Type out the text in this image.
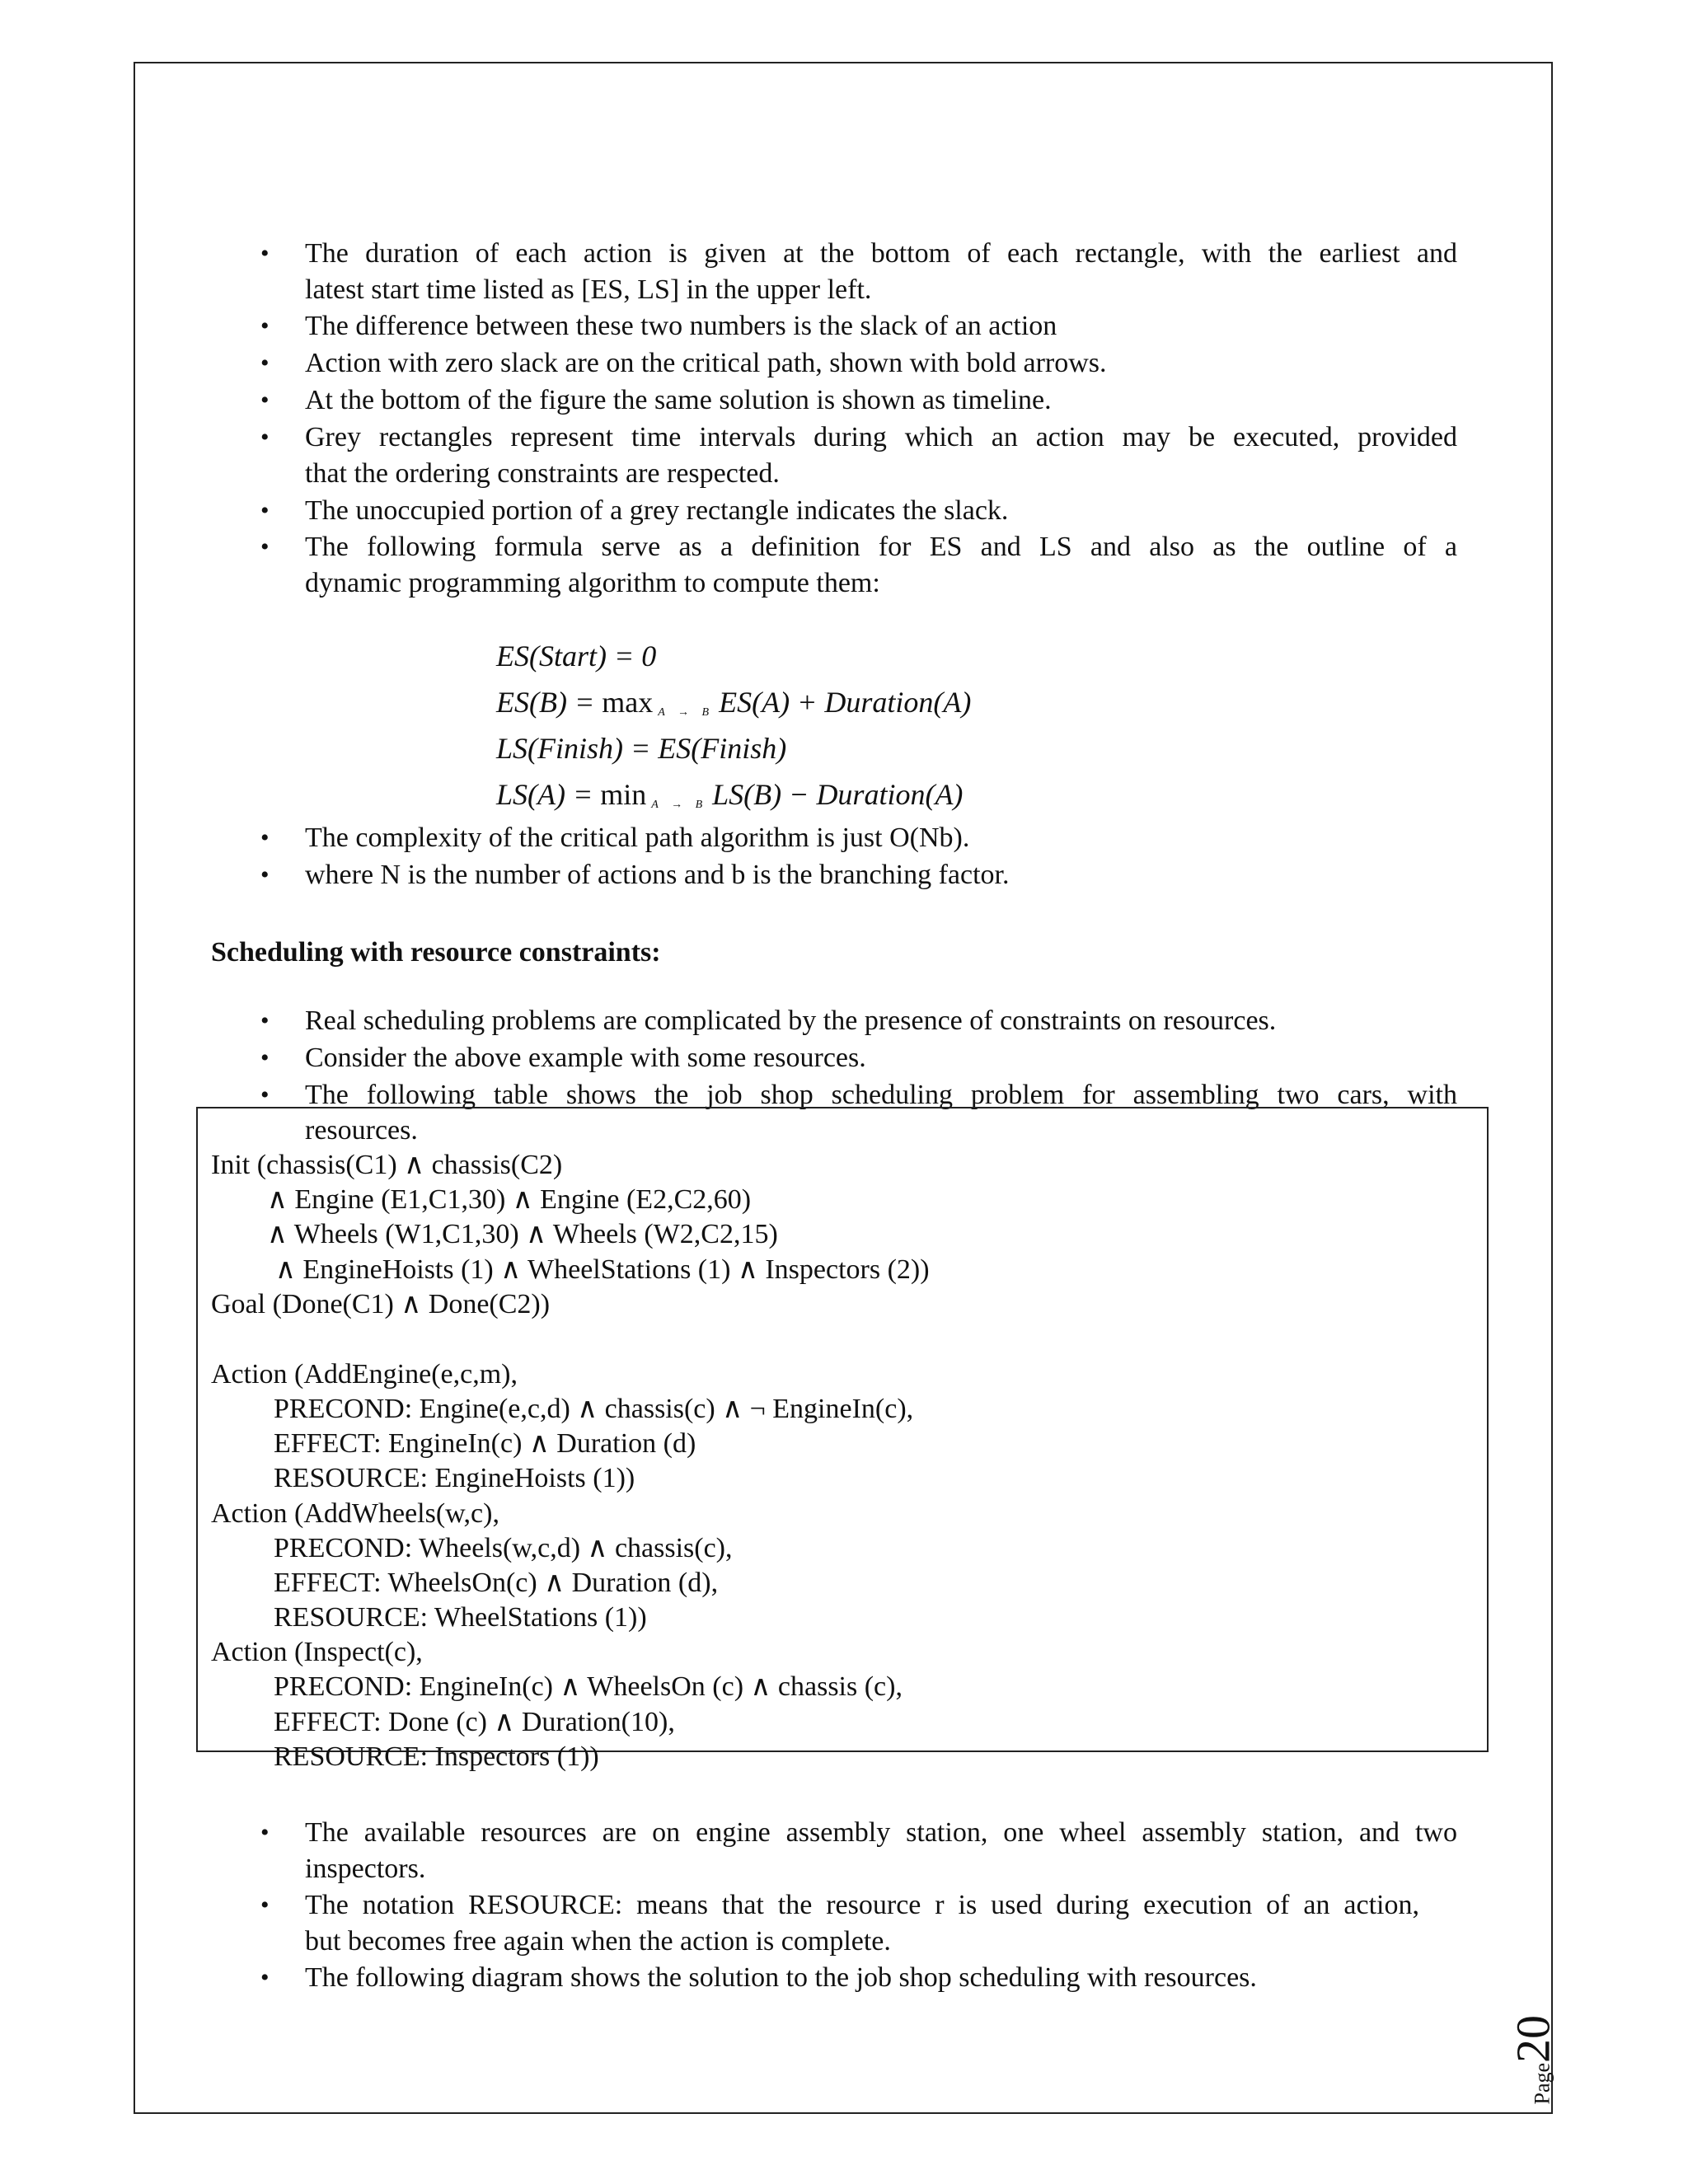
• The duration of each action is given at the bottom of each rectangle, with the earliest and
latest start time listed as [ES, LS] in the upper left.
• The difference between these two numbers is the slack of an action
• Action with zero slack are on the critical path, shown with bold arrows.
• At the bottom of the figure the same solution is shown as timeline.
• Grey rectangles represent time intervals during which an action may be executed, provided
that the ordering constraints are respected.
• The unoccupied portion of a grey rectangle indicates the slack.
• The following formula serve as a definition for ES and LS and also as the outline of a
dynamic programming algorithm to compute them:
ES(Start) = 0
ES(B) = max $_{A \to B}$ ES(A) + Duration(A)
LS(Finish) = ES(Finish)
LS(A) = min $_{A \to B}$ LS(B) − Duration(A)
• The complexity of the critical path algorithm is just O(Nb).
• where N is the number of actions and b is the branching factor.
Scheduling with resource constraints:
• Real scheduling problems are complicated by the presence of constraints on resources.
• Consider the above example with some resources.
• The following table shows the job shop scheduling problem for assembling two cars, with
resources.
Init (chassis(C1) ∧ chassis(C2)
∧ Engine (E1,C1,30) ∧ Engine (E2,C2,60)
∧ Wheels (W1,C1,30) ∧ Wheels (W2,C2,15)
∧ EngineHoists (1) ∧ WheelStations (1) ∧ Inspectors (2))
Goal (Done(C1) ∧ Done(C2))
Action (AddEngine(e,c,m),
PRECOND: Engine(e,c,d) ∧ chassis(c) ∧ ¬ EngineIn(c),
EFFECT: EngineIn(c) ∧ Duration (d)
RESOURCE: EngineHoists (1))
Action (AddWheels(w,c),
PRECOND: Wheels(w,c,d) ∧ chassis(c),
EFFECT: WheelsOn(c) ∧ Duration (d),
RESOURCE: WheelStations (1))
Action (Inspect(c),
PRECOND: EngineIn(c) ∧ WheelsOn (c) ∧ chassis (c),
EFFECT: Done (c) ∧ Duration(10),
RESOURCE: Inspectors (1))
• The available resources are on engine assembly station, one wheel assembly station, and two
inspectors.
• The notation RESOURCE: means that the resource r is used during execution of an action,
but becomes free again when the action is complete.
• The following diagram shows the solution to the job shop scheduling with resources.
Page20
